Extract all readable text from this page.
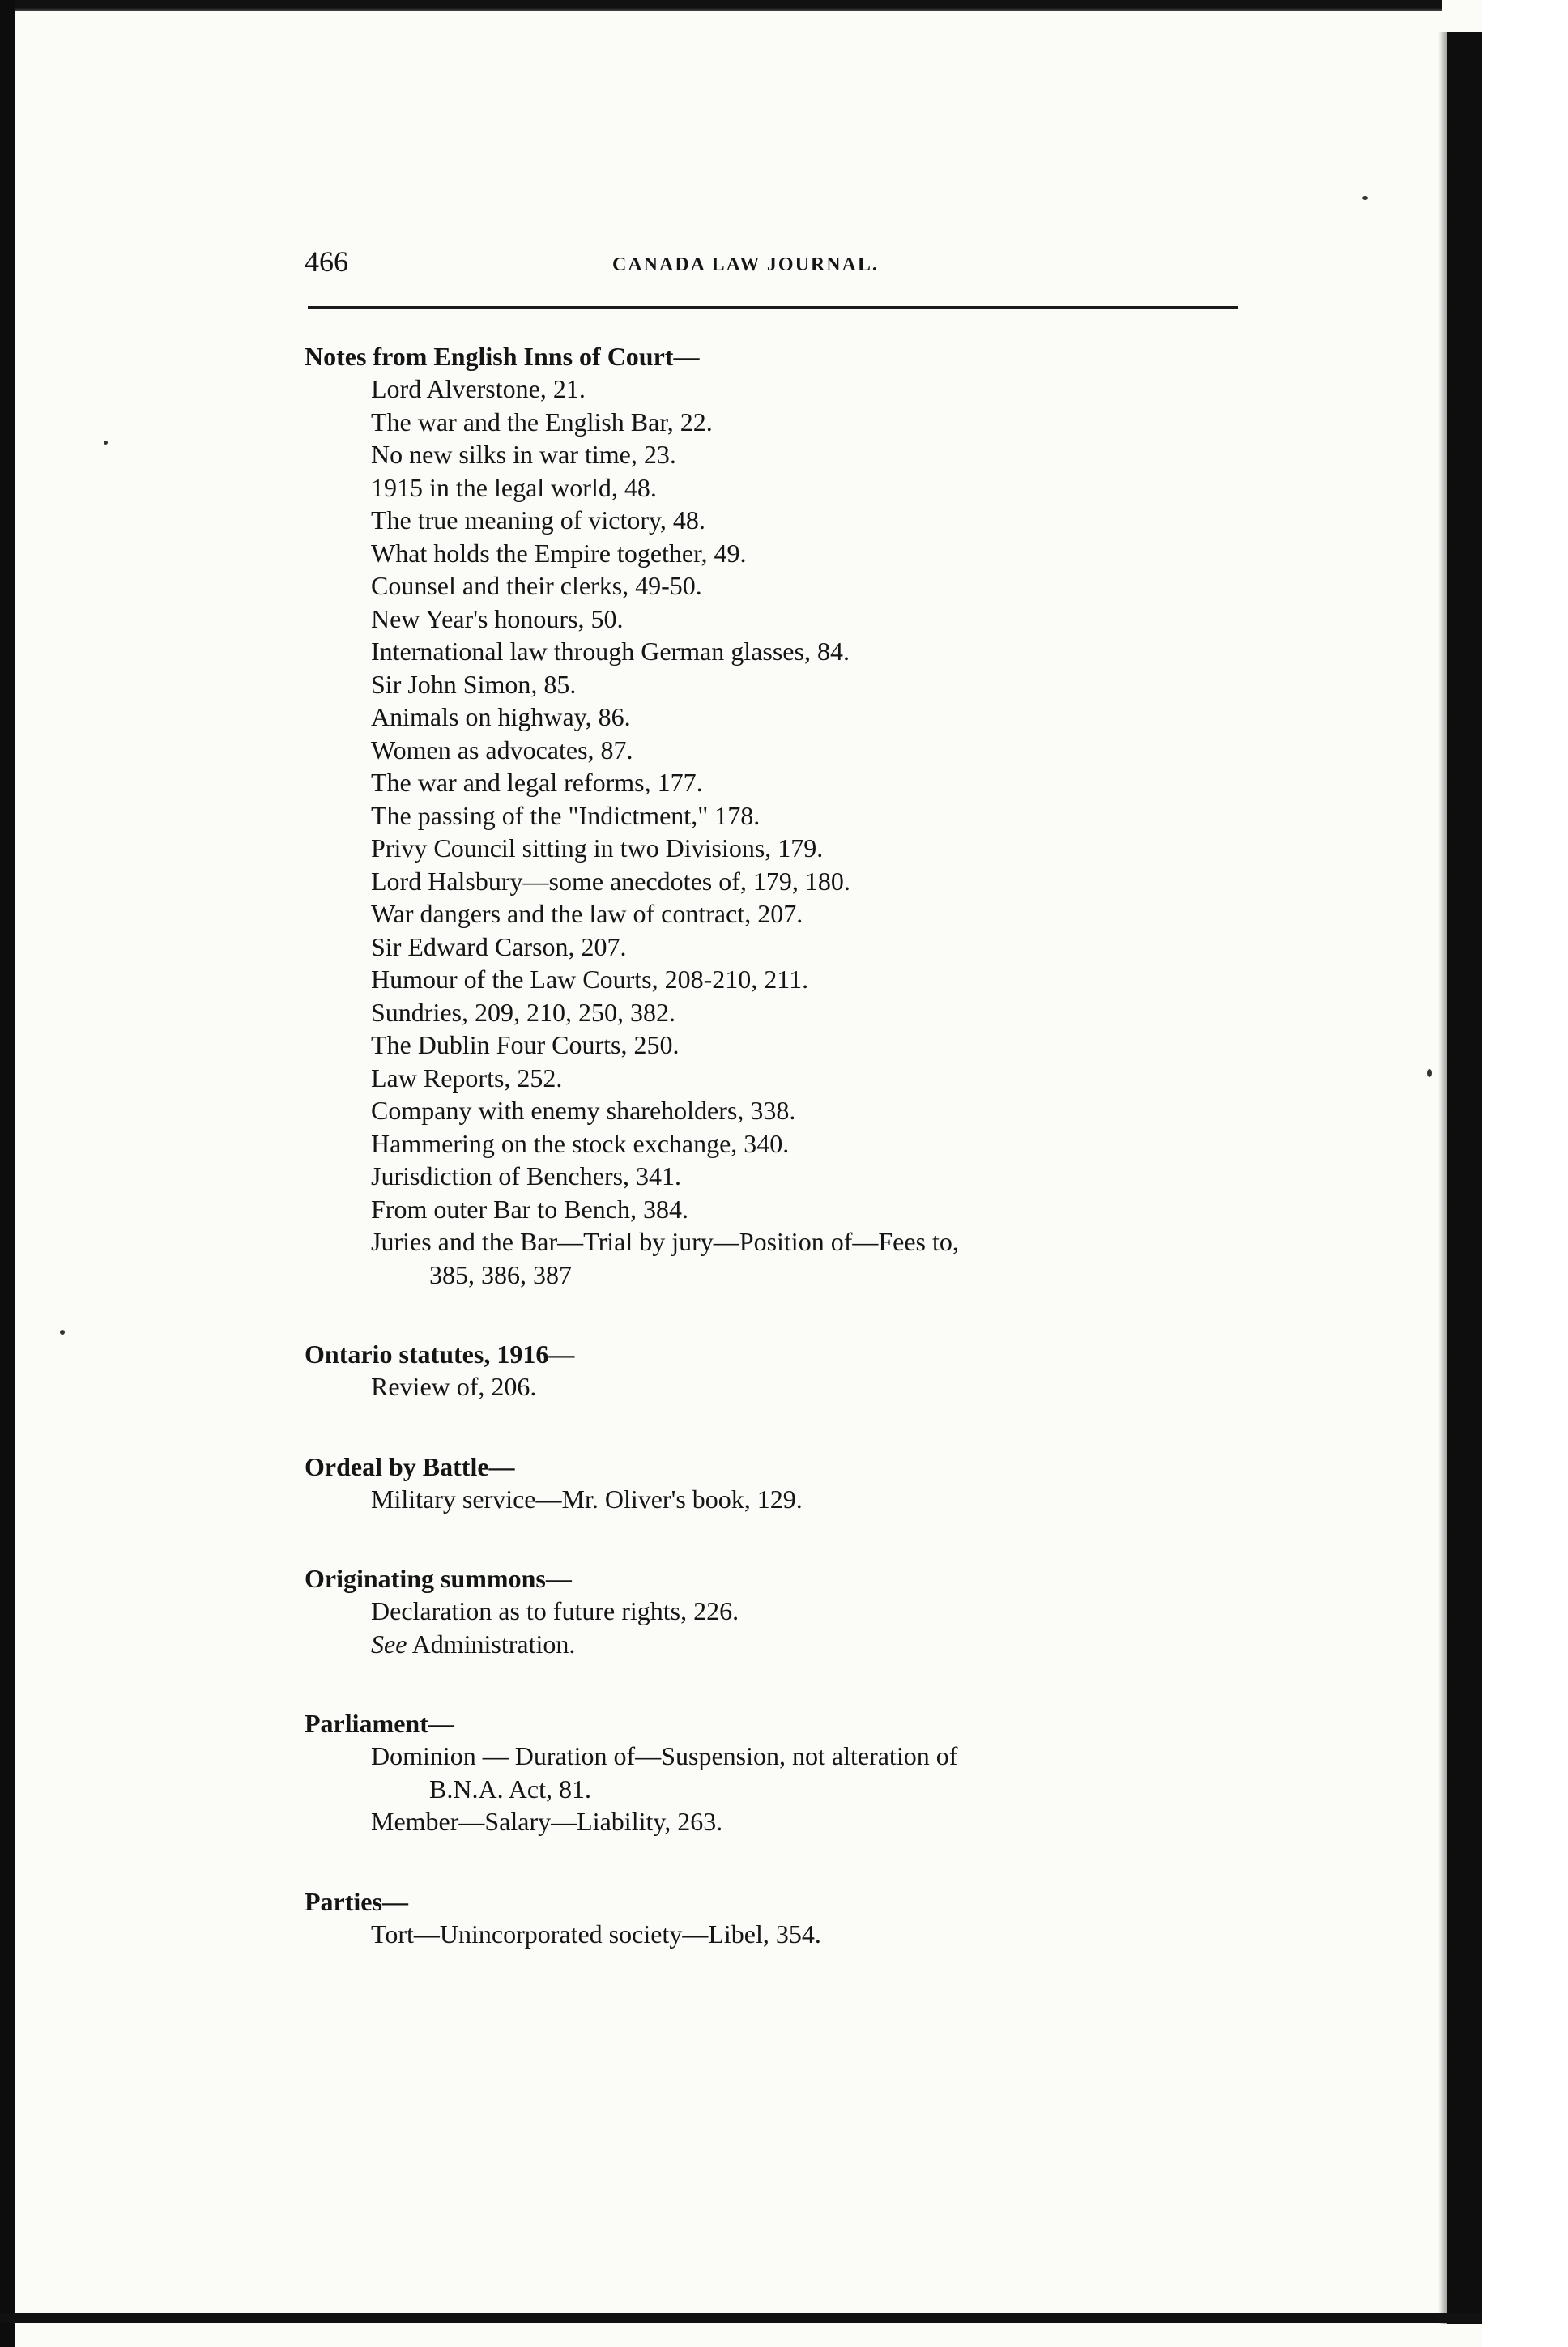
466	CANADA LAW JOURNAL.

Notes from English Inns of Court—

Lord Alverstone, 21.

The war and the English Bar, 22.

No new silks in war time, 23.

1915 in the legal world, 48.

The true meaning of victory, 48.

What holds the Empire together, 49.

Counsel and their clerks, 49-50.

New Year's honours, 50.

International law through German glasses, 84.

Sir John Simon, 85.

Animals on highway, 86.

Women as advocates, 87.

The war and legal reforms, 177.

The passing of the "Indictment," 178.

Privy Council sitting in two Divisions, 179.

Lord Halsbury—some anecdotes of, 179, 180.

War dangers and the law of contract, 207.

Sir Edward Carson, 207.

Humour of the Law Courts, 208-210, 211.

Sundries, 209, 210, 250, 382.

The Dublin Four Courts, 250.

Law Reports, 252.

Company with enemy shareholders, 338.

Hammering on the stock exchange, 340.

Jurisdiction of Benchers, 341.

From outer Bar to Bench, 384.

Juries and the Bar—Trial by jury—Position of—Fees to,

385, 386, 387

Ontario statutes, 1916—

Review of, 206.

Ordeal by Battle—

Military service—Mr. Oliver's book, 129.

Originating summons—

Declaration as to future rights, 226.

See Administration.

Parliament—

Dominion — Duration of—Suspension, not alteration of

B.N.A. Act, 81.

Member—Salary—Liability, 263.

Parties—

Tort—Unincorporated society—Libel, 354.
